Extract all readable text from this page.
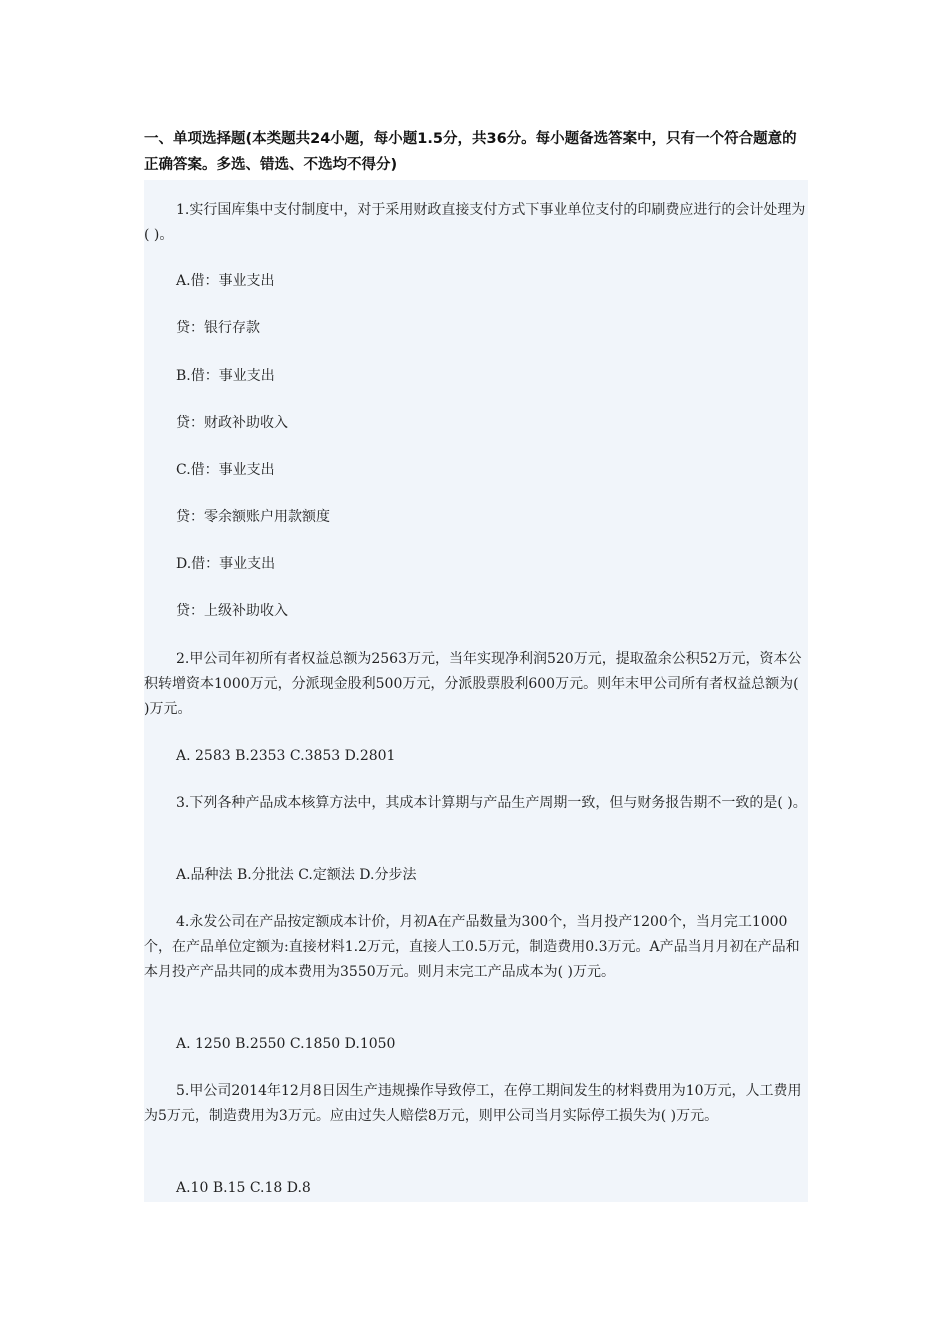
一、单项选择题(本类题共24小题，每小题1.5分，共36分。每小题备选答案中，只有一个符合题意的正确答案。多选、错选、不选均不得分)
1.实行国库集中支付制度中，对于采用财政直接支付方式下事业单位支付的印刷费应进行的会计处理为( )。
A.借：事业支出
贷：银行存款
B.借：事业支出
贷：财政补助收入
C.借：事业支出
贷：零余额账户用款额度
D.借：事业支出
贷：上级补助收入
2.甲公司年初所有者权益总额为2563万元，当年实现净利润520万元，提取盈余公积52万元，资本公积转增资本1000万元，分派现金股利500万元，分派股票股利600万元。则年末甲公司所有者权益总额为( )万元。
A. 2583 B.2353 C.3853 D.2801
3.下列各种产品成本核算方法中，其成本计算期与产品生产周期一致，但与财务报告期不一致的是( )。
A.品种法 B.分批法 C.定额法 D.分步法
4.永发公司在产品按定额成本计价，月初A在产品数量为300个，当月投产1200个，当月完工1000个，在产品单位定额为:直接材料1.2万元，直接人工0.5万元，制造费用0.3万元。A产品当月月初在产品和本月投产产品共同的成本费用为3550万元。则月末完工产品成本为( )万元。
A. 1250 B.2550 C.1850 D.1050
5.甲公司2014年12月8日因生产违规操作导致停工，在停工期间发生的材料费用为10万元，人工费用为5万元，制造费用为3万元。应由过失人赔偿8万元，则甲公司当月实际停工损失为( )万元。
A.10 B.15 C.18 D.8
